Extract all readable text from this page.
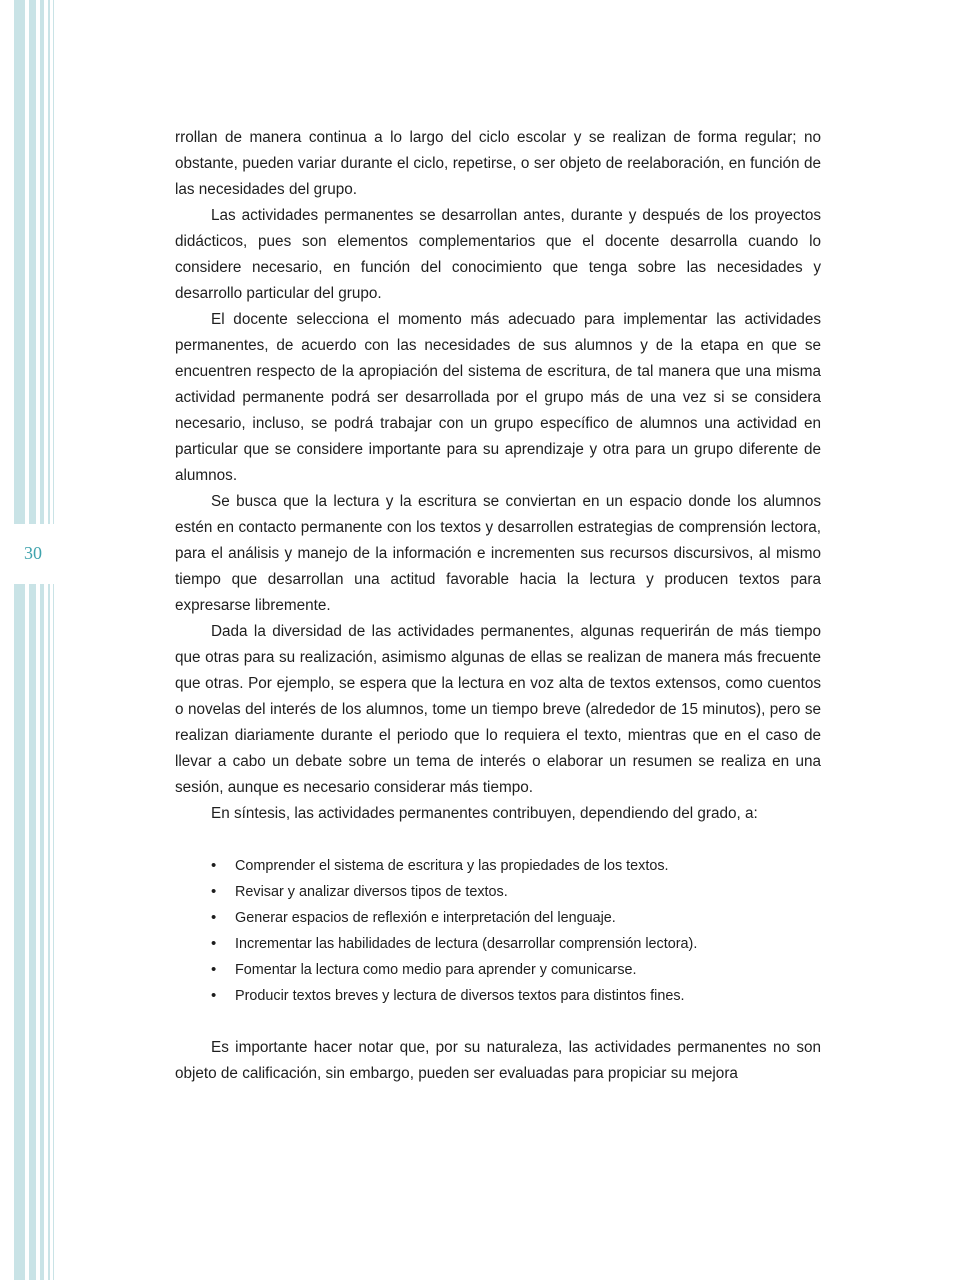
30

rrollan de manera continua a lo largo del ciclo escolar y se realizan de forma regular; no obstante, pueden variar durante el ciclo, repetirse, o ser objeto de reelaboración, en función de las necesidades del grupo.

Las actividades permanentes se desarrollan antes, durante y después de los proyectos didácticos, pues son elementos complementarios que el docente desarrolla cuando lo considere necesario, en función del conocimiento que tenga sobre las necesidades y desarrollo particular del grupo.

El docente selecciona el momento más adecuado para implementar las actividades permanentes, de acuerdo con las necesidades de sus alumnos y de la etapa en que se encuentren respecto de la apropiación del sistema de escritura, de tal manera que una misma actividad permanente podrá ser desarrollada por el grupo más de una vez si se considera necesario, incluso, se podrá trabajar con un grupo específico de alumnos una actividad en particular que se considere importante para su aprendizaje y otra para un grupo diferente de alumnos.

Se busca que la lectura y la escritura se conviertan en un espacio donde los alumnos estén en contacto permanente con los textos y desarrollen estrategias de comprensión lectora, para el análisis y manejo de la información e incrementen sus recursos discursivos, al mismo tiempo que desarrollan una actitud favorable hacia la lectura y producen textos para expresarse libremente.

Dada la diversidad de las actividades permanentes, algunas requerirán de más tiempo que otras para su realización, asimismo algunas de ellas se realizan de manera más frecuente que otras. Por ejemplo, se espera que la lectura en voz alta de textos extensos, como cuentos o novelas del interés de los alumnos, tome un tiempo breve (alrededor de 15 minutos), pero se realizan diariamente durante el periodo que lo requiera el texto, mientras que en el caso de llevar a cabo un debate sobre un tema de interés o elaborar un resumen se realiza en una sesión, aunque es necesario considerar más tiempo.

En síntesis, las actividades permanentes contribuyen, dependiendo del grado, a:

• Comprender el sistema de escritura y las propiedades de los textos.
• Revisar y analizar diversos tipos de textos.
• Generar espacios de reflexión e interpretación del lenguaje.
• Incrementar las habilidades de lectura (desarrollar comprensión lectora).
• Fomentar la lectura como medio para aprender y comunicarse.
• Producir textos breves y lectura de diversos textos para distintos fines.

Es importante hacer notar que, por su naturaleza, las actividades permanentes no son objeto de calificación, sin embargo, pueden ser evaluadas para propiciar su mejora
